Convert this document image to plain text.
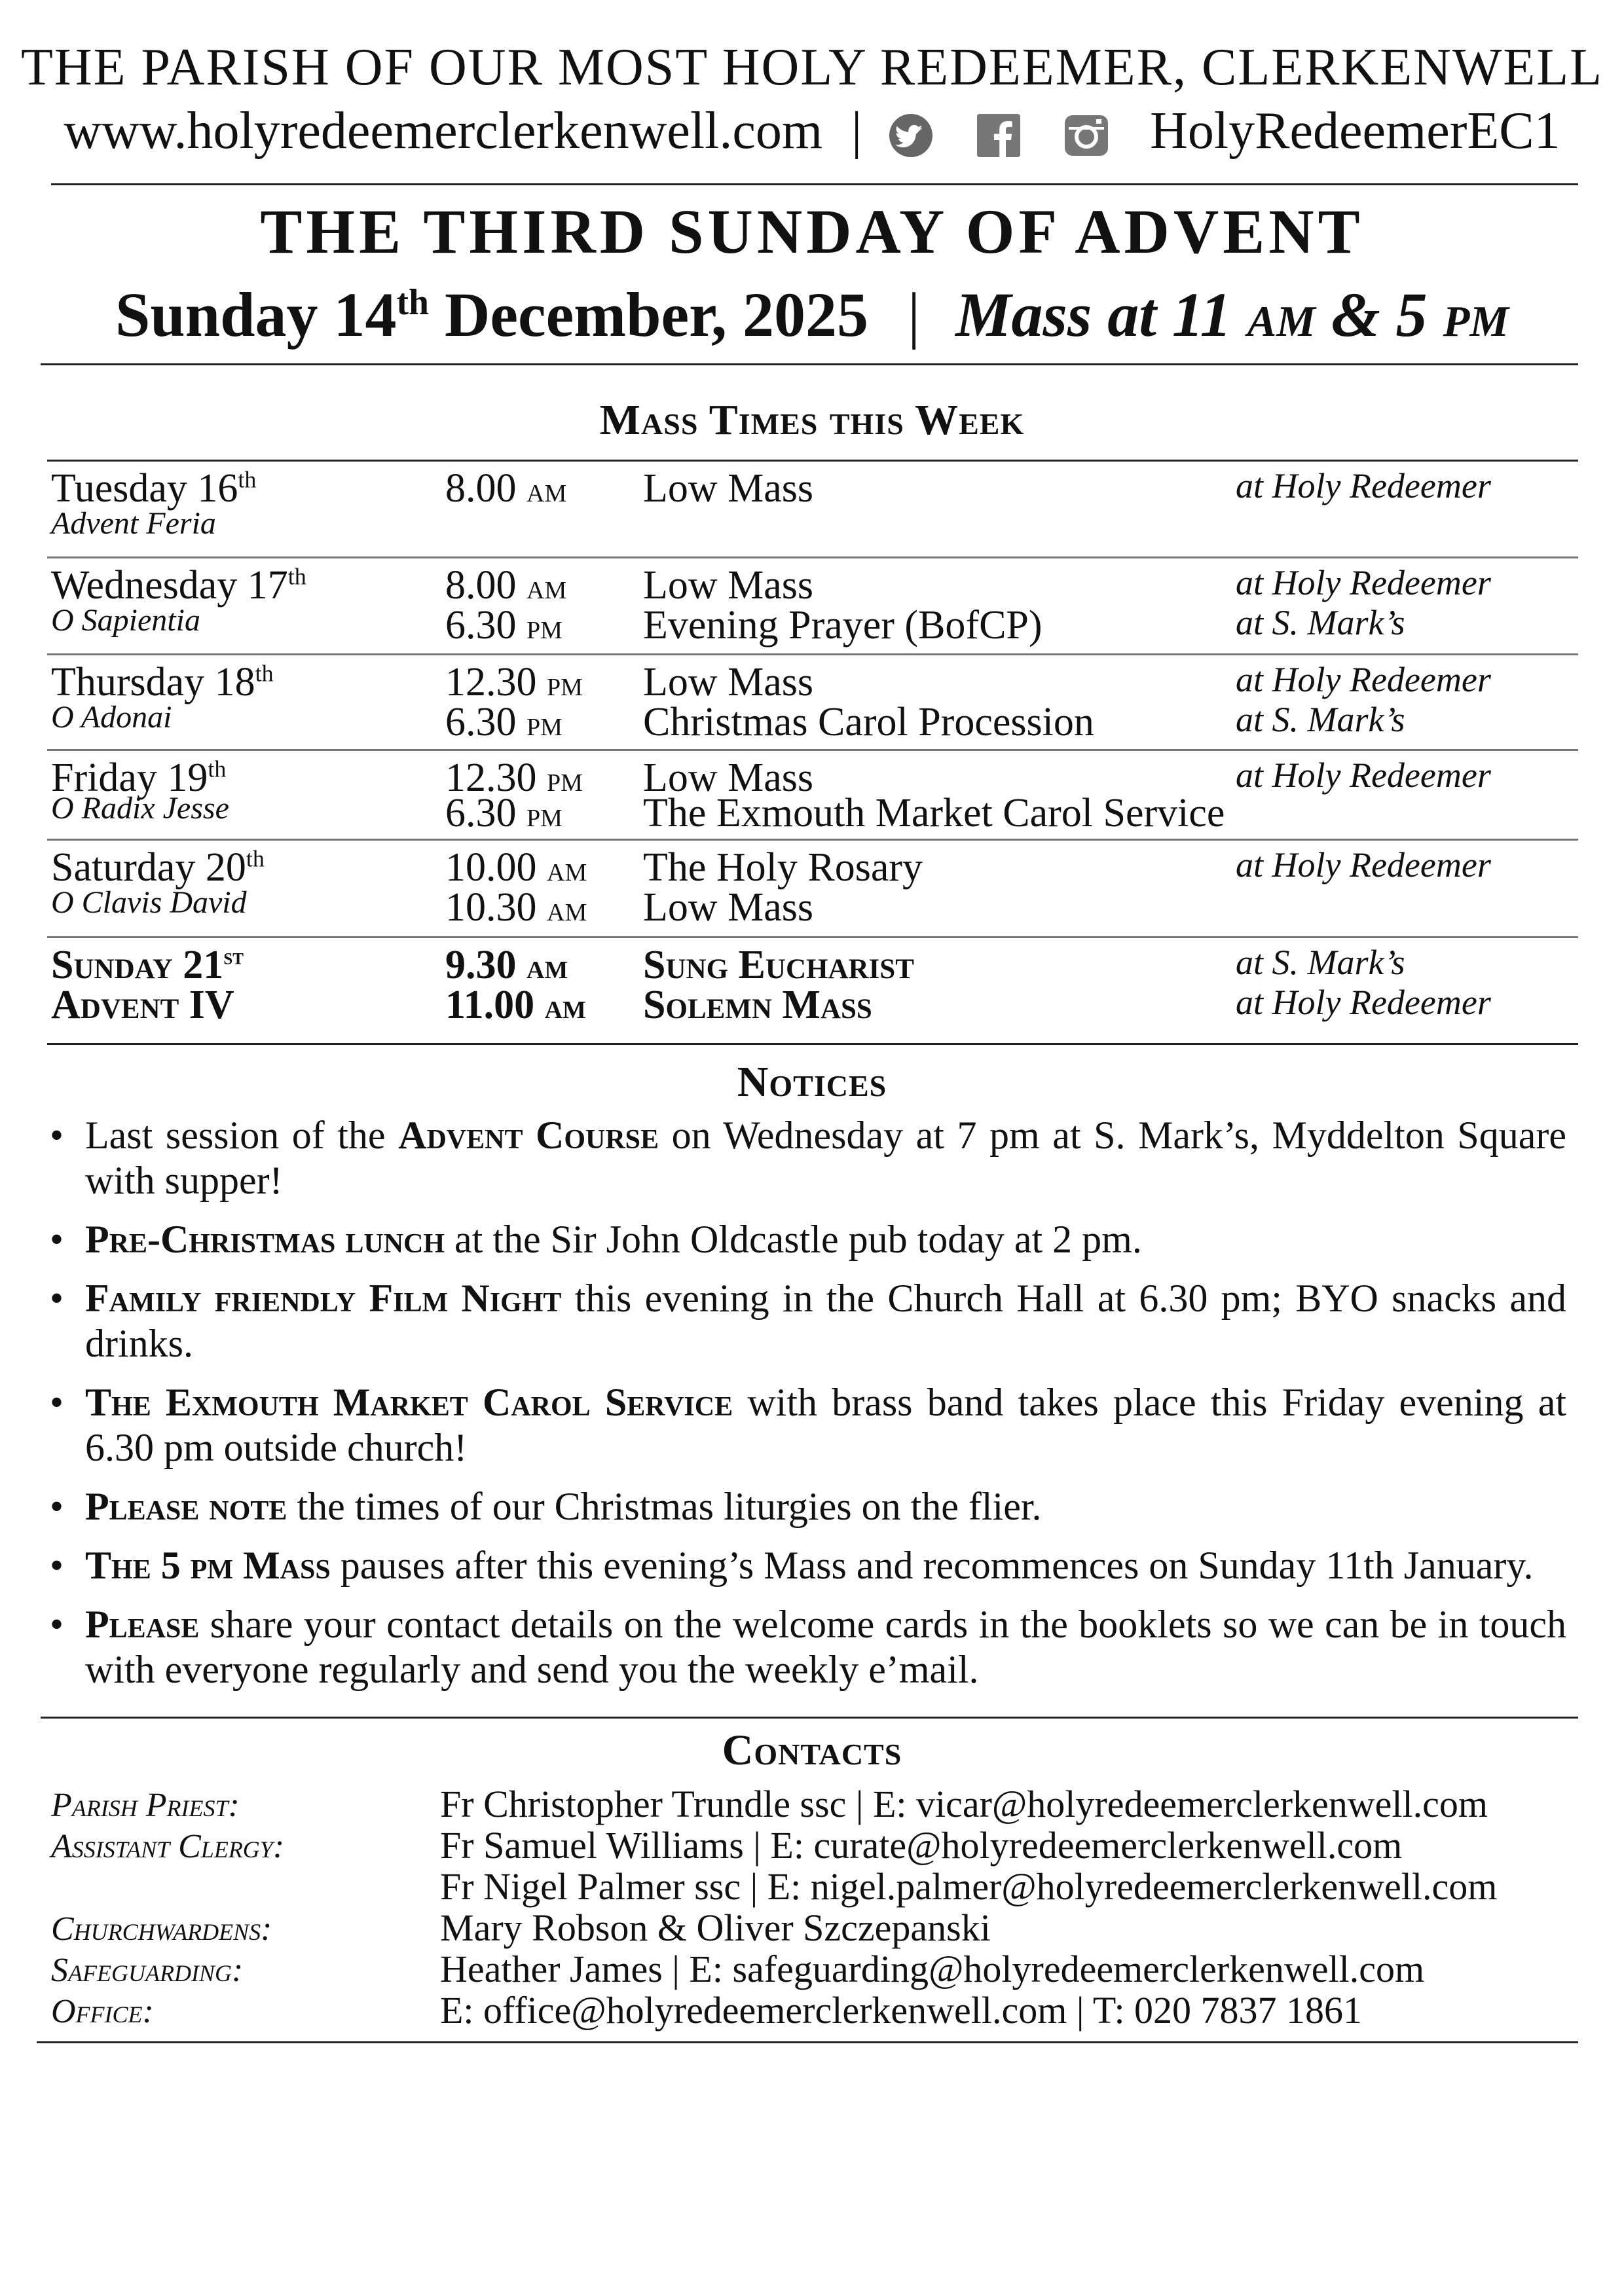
THE PARISH OF OUR MOST HOLY REDEEMER, CLERKENWELL
www.holyredeemerclerkenwell.com |

	HolyRedeemerEC1
THE THIRD SUNDAY OF ADVENT
Sunday 14th December, 2025 | Mass at 11 am & 5 pm
Mass Times this Week
Tuesday 16th	8.00 am Low Mass	at Holy Redeemer
Advent Feria
Wednesday 17th	8.00 am Low Mass	at Holy Redeemer
O Sapientia	6.30 pm Evening Prayer (BofCP)	at S. Mark’s
Thursday 18th	12.30 pm Low Mass	at Holy Redeemer
O Adonai	6.30 pm Christmas Carol Procession	at S. Mark’s
Friday 19th	12.30 pm Low Mass	at Holy Redeemer
O Radix Jesse	6.30 pm The Exmouth Market Carol Service
Saturday 20th	10.00 am The Holy Rosary	at Holy Redeemer
O Clavis David	10.30 am Low Mass
Sunday 21st	9.30 am Sung Eucharist	at S. Mark’s
Advent IV	11.00 am Solemn Mass	at Holy Redeemer
Notices
• Last session of the Advent Course on Wednesday at 7 pm at S. Mark’s, Myddelton Square with supper!
• Pre-Christmas lunch at the Sir John Oldcastle pub today at 2 pm.
• Family friendly Film Night this evening in the Church Hall at 6.30 pm; BYO snacks and drinks.
• The Exmouth Market Carol Service with brass band takes place this Friday evening at 6.30 pm outside church!
• Please note the times of our Christmas liturgies on the flier.
• The 5 pm Mass pauses after this evening’s Mass and recommences on Sunday 11th January.
• Please share your contact details on the welcome cards in the booklets so we can be in touch with everyone regularly and send you the weekly e’mail.
Contacts
Parish Priest:	Fr Christopher Trundle ssc | E: vicar@holyredeemerclerkenwell.com
Assistant Clergy:	Fr Samuel Williams | E: curate@holyredeemerclerkenwell.com
Fr Nigel Palmer ssc | E: nigel.palmer@holyredeemerclerkenwell.com
Churchwardens:	Mary Robson & Oliver Szczepanski
Safeguarding:	Heather James | E: safeguarding@holyredeemerclerkenwell.com
Office:	E: office@holyredeemerclerkenwell.com | T: 020 7837 1861
